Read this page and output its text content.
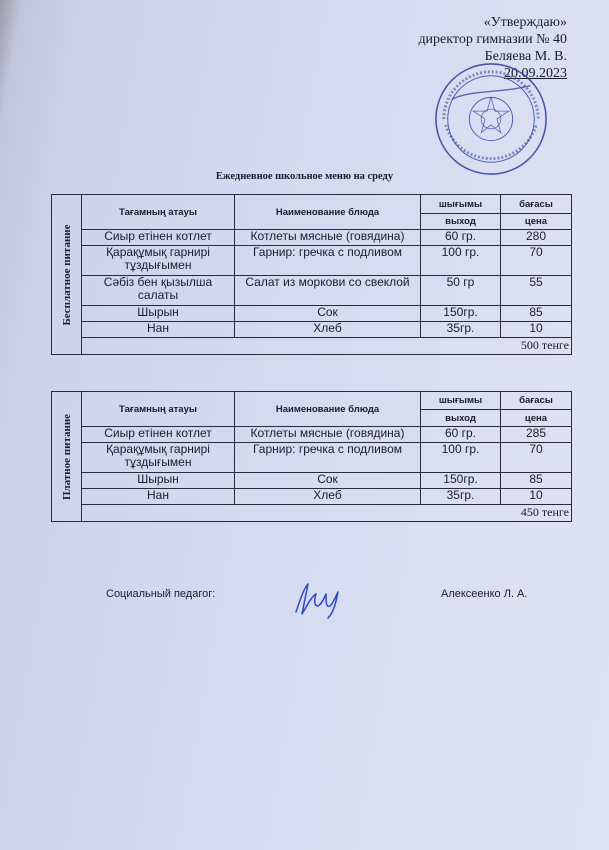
«Утверждаю»
директор гимназии № 40
Беляева М. В.
20.09.2023
Ежедневное школьное меню на среду
Бесплатное питание	Тағамның атауы	Наименование блюда	шығымы	бағасы
			выход	цена
	Сиыр етінен котлет	Котлеты мясные (говядина)	60 гр.	280
	Қарақұмық гарнирі тұздығымен	Гарнир: гречка с подливом	100 гр.	70
	Сәбіз бен қызылша салаты	Салат из моркови со свеклой	50 гр	55
	Шырын	Сок	150гр.	85
	Нан	Хлеб	35гр.	10
	500 тенге			
Платное питание	Тағамның атауы	Наименование блюда	шығымы	бағасы
			выход	цена
	Сиыр етінен котлет	Котлеты мясные (говядина)	60 гр.	285
	Қарақұмық гарнирі тұздығымен	Гарнир: гречка с подливом	100 гр.	70
	Шырын	Сок	150гр.	85
	Нан	Хлеб	35гр.	10
	450 тенге			
Социальный педагог:	Алексеенко Л. А.
